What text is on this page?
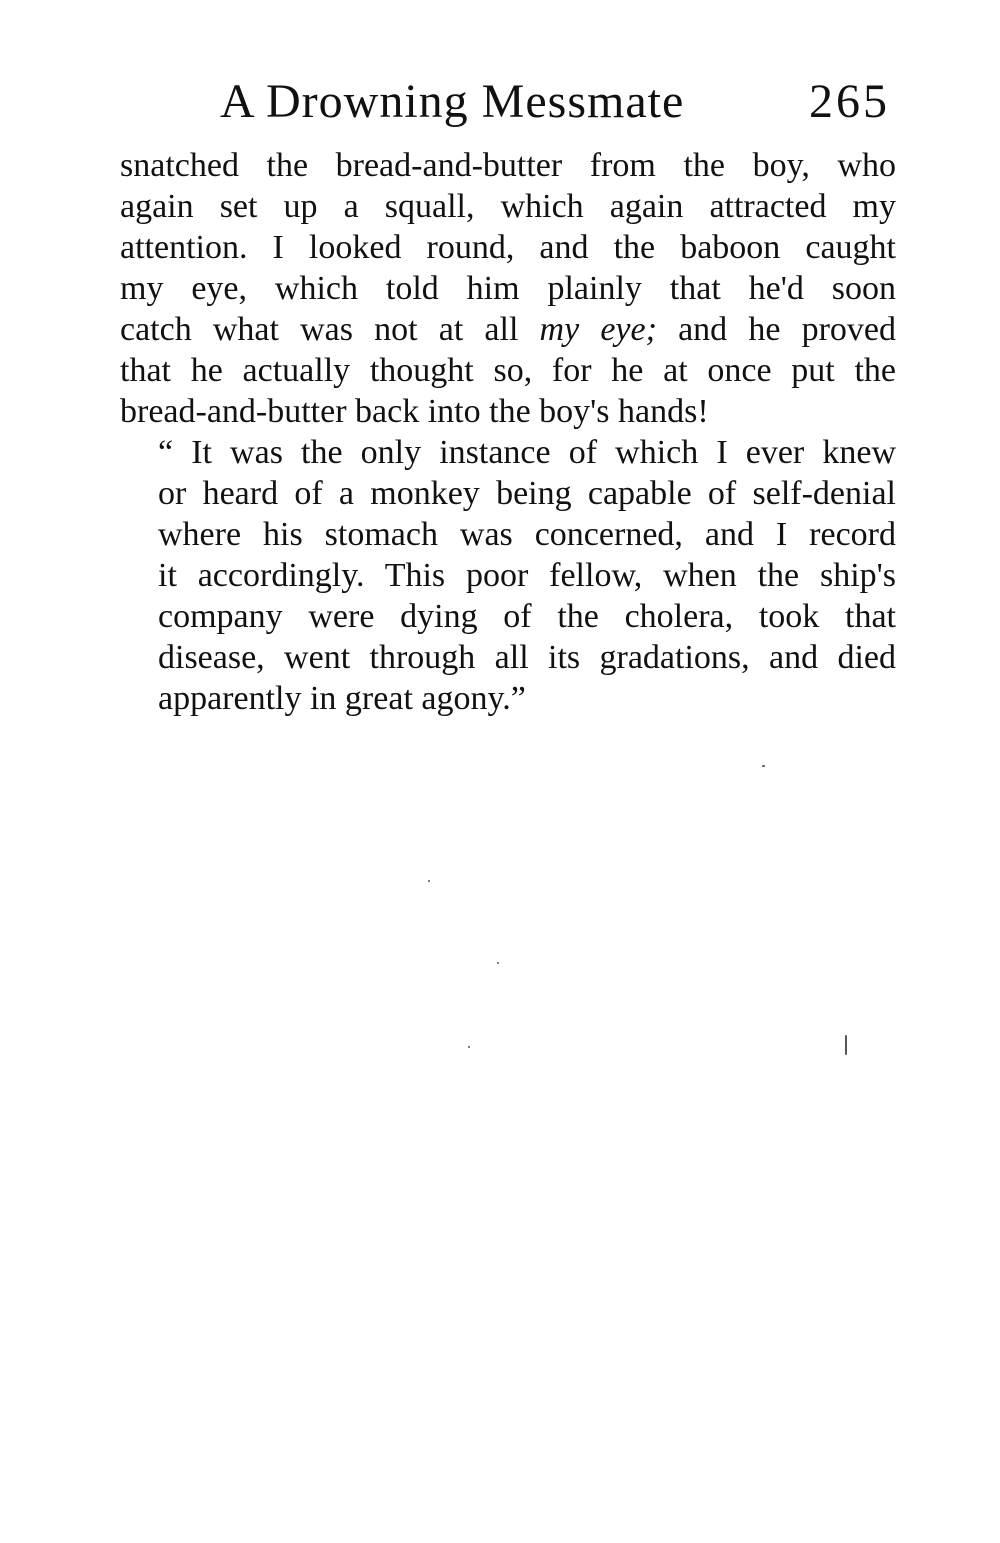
A Drowning Messmate	265

snatched the bread-and-butter from the boy, who
again set up a squall, which again attracted my
attention. I looked round, and the baboon caught
my eye, which told him plainly that he'd soon
catch what was not at all my eye; and he proved
that he actually thought so, for he at once put the
bread-and-butter back into the boy's hands!

“ It was the only instance of which I ever knew
or heard of a monkey being capable of self-denial
where his stomach was concerned, and I record
it accordingly. This poor fellow, when the ship's
company were dying of the cholera, took that
disease, went through all its gradations, and died
apparently in great agony.”
